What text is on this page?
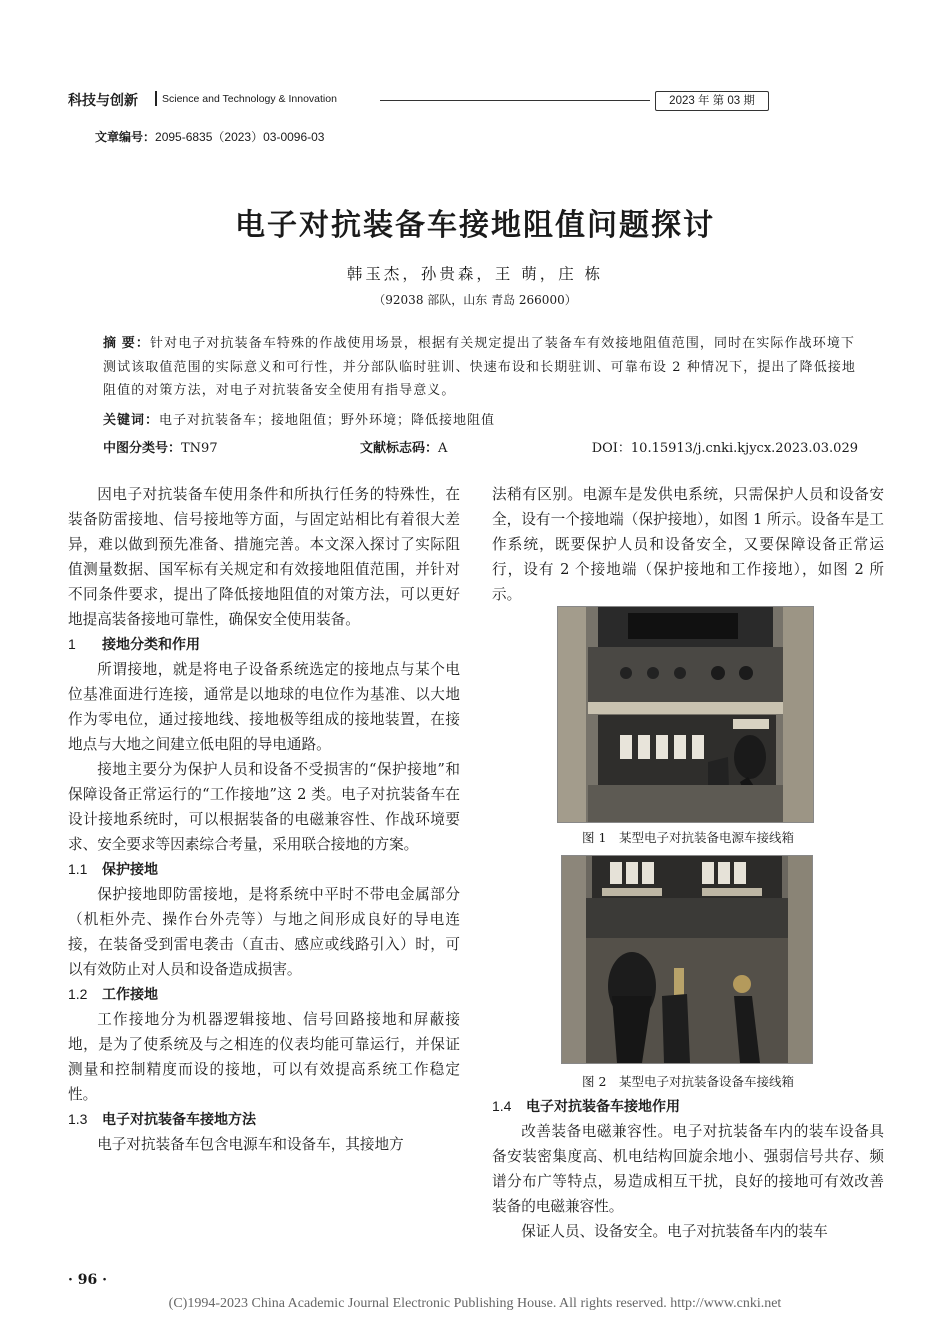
科技与创新 Science and Technology & Innovation	2023 年 第 03 期
文章编号：2095-6835（2023）03-0096-03
电子对抗装备车接地阻值问题探讨
韩玉杰，孙贵森，王 萌，庄 栋
（92038 部队，山东 青岛 266000）
摘 要：针对电子对抗装备车特殊的作战使用场景，根据有关规定提出了装备车有效接地阻值范围，同时在实际作战环境下测试该取值范围的实际意义和可行性，并分部队临时驻训、快速布设和长期驻训、可靠布设 2 种情况下，提出了降低接地阻值的对策方法，对电子对抗装备安全使用有指导意义。
关键词：电子对抗装备车；接地阻值；野外环境；降低接地阻值
中图分类号：TN97	文献标志码：A	DOI：10.15913/j.cnki.kjycx.2023.03.029

因电子对抗装备车使用条件和所执行任务的特殊性，在装备防雷接地、信号接地等方面，与固定站相比有着很大差异，难以做到预先准备、措施完善。本文深入探讨了实际阻值测量数据、国军标有关规定和有效接地阻值范围，并针对不同条件要求，提出了降低接地阻值的对策方法，可以更好地提高装备接地可靠性，确保安全使用装备。

1 接地分类和作用

所谓接地，就是将电子设备系统选定的接地点与某个电位基准面进行连接，通常是以地球的电位作为基准、以大地作为零电位，通过接地线、接地极等组成的接地装置，在接地点与大地之间建立低电阻的导电通路。

接地主要分为保护人员和设备不受损害的“保护接地”和保障设备正常运行的“工作接地”这 2 类。电子对抗装备车在设计接地系统时，可以根据装备的电磁兼容性、作战环境要求、安全要求等因素综合考量，采用联合接地的方案。

1.1 保护接地

保护接地即防雷接地，是将系统中平时不带电金属部分（机柜外壳、操作台外壳等）与地之间形成良好的导电连接，在装备受到雷电袭击（直击、感应或线路引入）时，可以有效防止对人员和设备造成损害。

1.2 工作接地

工作接地分为机器逻辑接地、信号回路接地和屏蔽接地，是为了使系统及与之相连的仪表均能可靠运行，并保证测量和控制精度而设的接地，可以有效提高系统工作稳定性。

1.3 电子对抗装备车接地方法

电子对抗装备车包含电源车和设备车，其接地方

法稍有区别。电源车是发供电系统，只需保护人员和设备安全，设有一个接地端（保护接地），如图 1 所示。设备车是工作系统，既要保护人员和设备安全，又要保障设备正常运行，设有 2 个接地端（保护接地和工作接地），如图 2 所示。

图 1　某型电子对抗装备电源车接线箱
图 2　某型电子对抗装备设备车接线箱
1.4 电子对抗装备车接地作用

改善装备电磁兼容性。电子对抗装备车内的装车设备具备安装密集度高、机电结构回旋余地小、强弱信号共存、频谱分布广等特点，易造成相互干扰，良好的接地可有效改善装备的电磁兼容性。

保证人员、设备安全。电子对抗装备车内的装车

· 96 ·
(C)1994-2023 China Academic Journal Electronic Publishing House. All rights reserved. http://www.cnki.net
